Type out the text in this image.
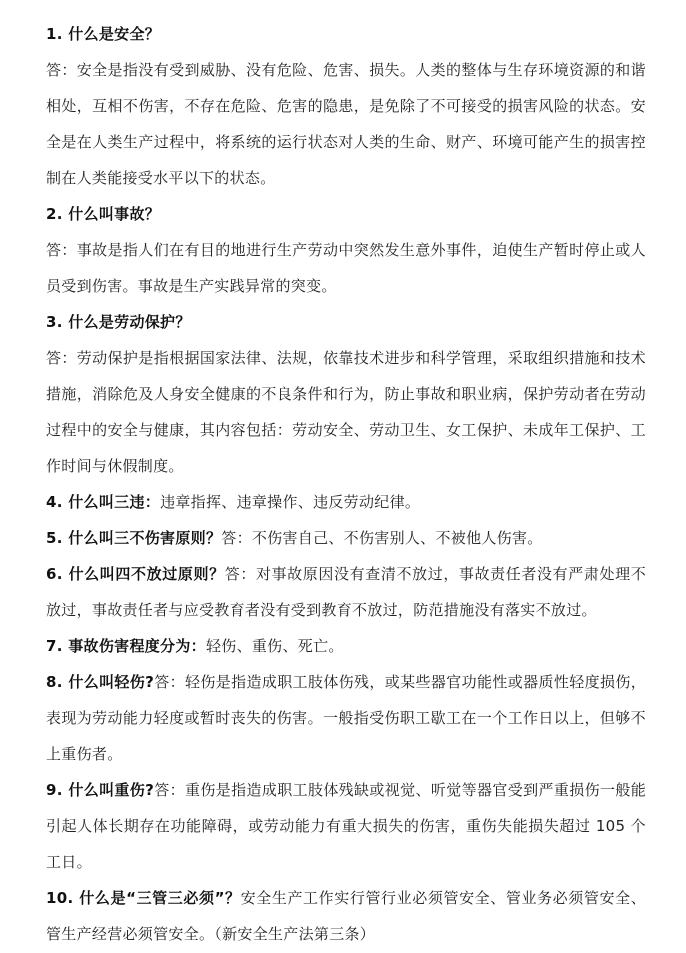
1. 什么是安全？
答：安全是指没有受到威胁、没有危险、危害、损失。人类的整体与生存环境资源的和谐相处，互相不伤害，不存在危险、危害的隐患，是免除了不可接受的损害风险的状态。安全是在人类生产过程中，将系统的运行状态对人类的生命、财产、环境可能产生的损害控制在人类能接受水平以下的状态。

2. 什么叫事故？
答：事故是指人们在有目的地进行生产劳动中突然发生意外事件，迫使生产暂时停止或人员受到伤害。事故是生产实践异常的突变。

3. 什么是劳动保护？
答：劳动保护是指根据国家法律、法规，依靠技术进步和科学管理，采取组织措施和技术措施，消除危及人身安全健康的不良条件和行为，防止事故和职业病，保护劳动者在劳动过程中的安全与健康，其内容包括：劳动安全、劳动卫生、女工保护、未成年工保护、工作时间与休假制度。

4. 什么叫三违：违章指挥、违章操作、违反劳动纪律。

5. 什么叫三不伤害原则？答：不伤害自己、不伤害别人、不被他人伤害。

6. 什么叫四不放过原则？答：对事故原因没有查清不放过，事故责任者没有严肃处理不放过，事故责任者与应受教育者没有受到教育不放过，防范措施没有落实不放过。

7. 事故伤害程度分为：轻伤、重伤、死亡。

8. 什么叫轻伤?答：轻伤是指造成职工肢体伤残，或某些器官功能性或器质性轻度损伤，表现为劳动能力轻度或暂时丧失的伤害。一般指受伤职工歇工在一个工作日以上，但够不上重伤者。

9. 什么叫重伤?答：重伤是指造成职工肢体残缺或视觉、听觉等器官受到严重损伤一般能引起人体长期存在功能障碍，或劳动能力有重大损失的伤害，重伤失能损失超过 105 个工日。

10. 什么是“三管三必须”？安全生产工作实行管行业必须管安全、管业务必须管安全、管生产经营必须管安全。（新安全生产法第三条）
